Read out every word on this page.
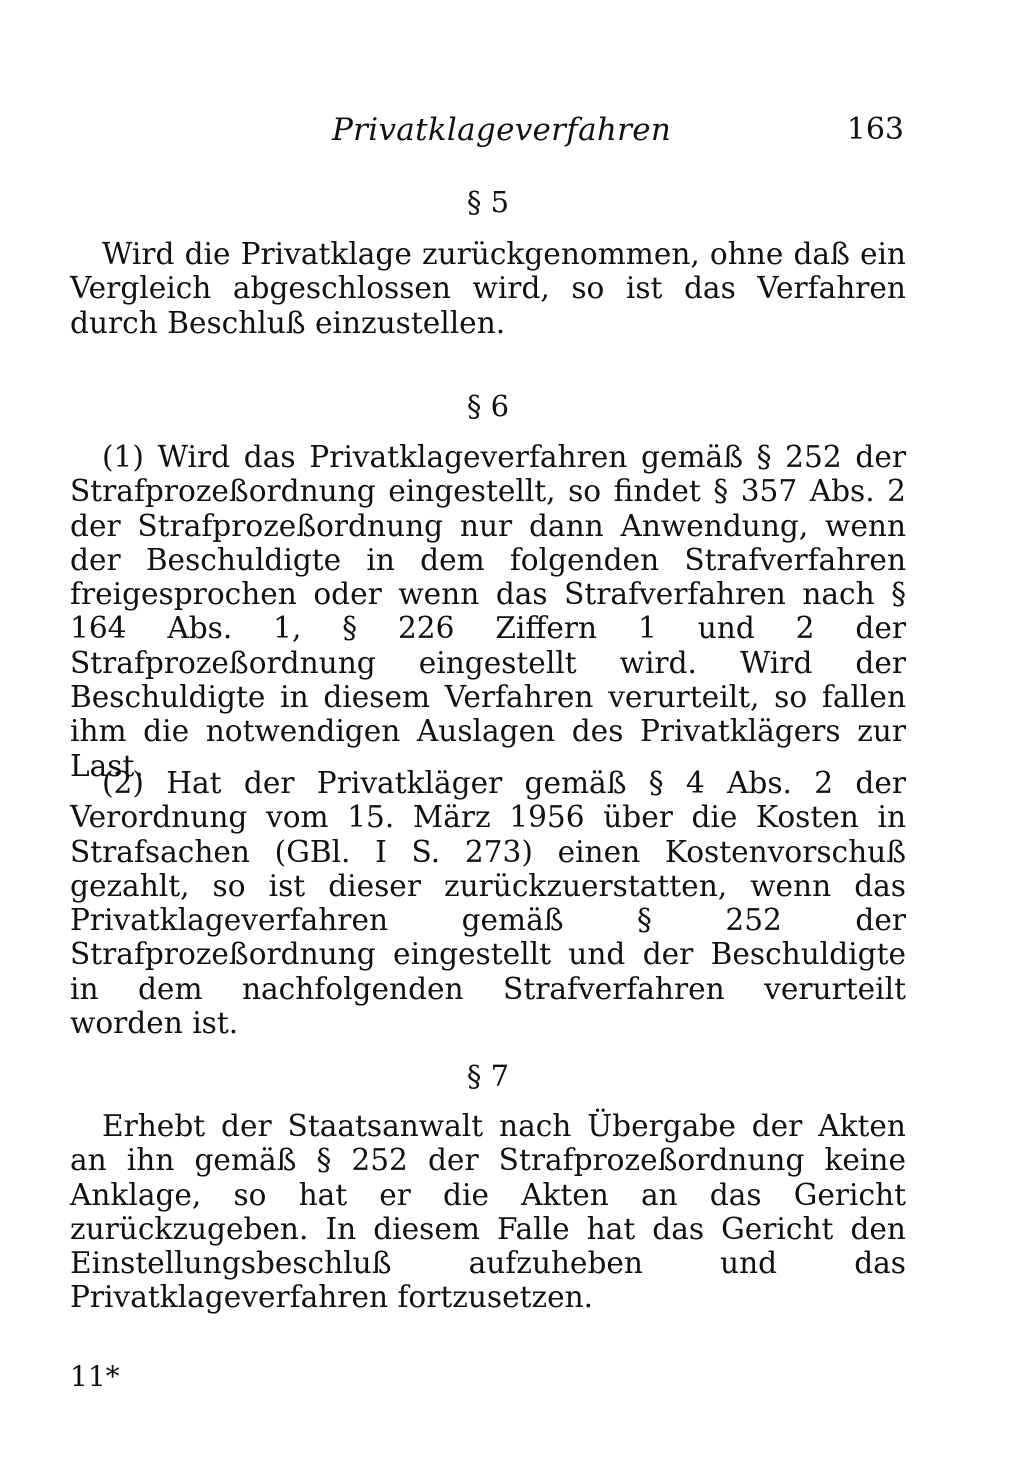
Privatklageverfahren	163
§ 5

Wird die Privatklage zurückgenommen, ohne daß ein Vergleich abgeschlossen wird, so ist das Verfahren durch Beschluß einzustellen.

§ 6

(1) Wird das Privatklageverfahren gemäß § 252 der Strafprozeßordnung eingestellt, so findet § 357 Abs. 2 der Strafprozeßordnung nur dann Anwendung, wenn der Beschuldigte in dem folgenden Strafverfahren freigesprochen oder wenn das Strafverfahren nach § 164 Abs. 1, § 226 Ziffern 1 und 2 der Strafprozeßordnung eingestellt wird. Wird der Beschuldigte in diesem Verfahren verurteilt, so fallen ihm die notwendigen Auslagen des Privatklägers zur Last.

(2) Hat der Privatkläger gemäß § 4 Abs. 2 der Verordnung vom 15. März 1956 über die Kosten in Strafsachen (GBl. I S. 273) einen Kostenvorschuß gezahlt, so ist dieser zurückzuerstatten, wenn das Privatklageverfahren gemäß § 252 der Strafprozeßordnung eingestellt und der Beschuldigte in dem nachfolgenden Strafverfahren verurteilt worden ist.

§ 7

Erhebt der Staatsanwalt nach Übergabe der Akten an ihn gemäß § 252 der Strafprozeßordnung keine Anklage, so hat er die Akten an das Gericht zurückzugeben. In diesem Falle hat das Gericht den Einstellungsbeschluß aufzuheben und das Privatklageverfahren fortzusetzen.

11*
